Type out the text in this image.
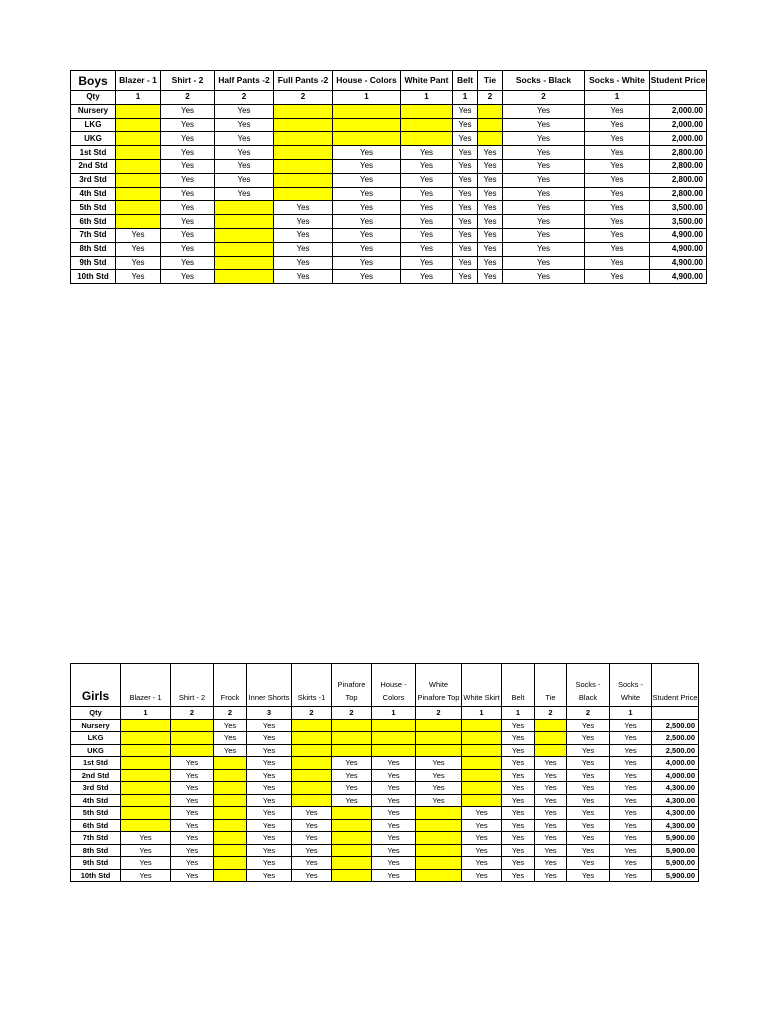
Boys	Blazer - 1	Shirt - 2	Half Pants -2	Full Pants -2	House - Colors	White Pant	Belt	Tie	Socks - Black	Socks - White	Student Price
Qty	1	2	2	2	1	1	1	2	2	1	
Nursery		Yes	Yes				Yes		Yes	Yes	2,000.00
LKG		Yes	Yes				Yes		Yes	Yes	2,000.00
UKG		Yes	Yes				Yes		Yes	Yes	2,000.00
1st Std		Yes	Yes		Yes	Yes	Yes	Yes	Yes	Yes	2,800.00
2nd Std		Yes	Yes		Yes	Yes	Yes	Yes	Yes	Yes	2,800.00
3rd Std		Yes	Yes		Yes	Yes	Yes	Yes	Yes	Yes	2,800.00
4th Std		Yes	Yes		Yes	Yes	Yes	Yes	Yes	Yes	2,800.00
5th Std		Yes		Yes	Yes	Yes	Yes	Yes	Yes	Yes	3,500.00
6th Std		Yes		Yes	Yes	Yes	Yes	Yes	Yes	Yes	3,500.00
7th Std	Yes	Yes		Yes	Yes	Yes	Yes	Yes	Yes	Yes	4,900.00
8th Std	Yes	Yes		Yes	Yes	Yes	Yes	Yes	Yes	Yes	4,900.00
9th Std	Yes	Yes		Yes	Yes	Yes	Yes	Yes	Yes	Yes	4,900.00
10th Std	Yes	Yes		Yes	Yes	Yes	Yes	Yes	Yes	Yes	4,900.00
Girls	Blazer - 1	Shirt - 2	Frock	Inner Shorts	Skirts -1	Pinafore Top	House - Colors	White Pinafore Top	White Skirt	Belt	Tie	Socks - Black	Socks - White	Student Price
Qty	1	2	2	3	2	2	1	2	1	1	2	2	1	
Nursery			Yes	Yes						Yes		Yes	Yes	2,500.00
LKG			Yes	Yes						Yes		Yes	Yes	2,500.00
UKG			Yes	Yes						Yes		Yes	Yes	2,500.00
1st Std		Yes		Yes		Yes	Yes	Yes		Yes	Yes	Yes	Yes	4,000.00
2nd Std		Yes		Yes		Yes	Yes	Yes		Yes	Yes	Yes	Yes	4,000.00
3rd Std		Yes		Yes		Yes	Yes	Yes		Yes	Yes	Yes	Yes	4,300.00
4th Std		Yes		Yes		Yes	Yes	Yes		Yes	Yes	Yes	Yes	4,300.00
5th Std		Yes		Yes	Yes		Yes		Yes	Yes	Yes	Yes	Yes	4,300.00
6th Std		Yes		Yes	Yes		Yes		Yes	Yes	Yes	Yes	Yes	4,300.00
7th Std	Yes	Yes		Yes	Yes		Yes		Yes	Yes	Yes	Yes	Yes	5,900.00
8th Std	Yes	Yes		Yes	Yes		Yes		Yes	Yes	Yes	Yes	Yes	5,900.00
9th Std	Yes	Yes		Yes	Yes		Yes		Yes	Yes	Yes	Yes	Yes	5,900.00
10th Std	Yes	Yes		Yes	Yes		Yes		Yes	Yes	Yes	Yes	Yes	5,900.00
